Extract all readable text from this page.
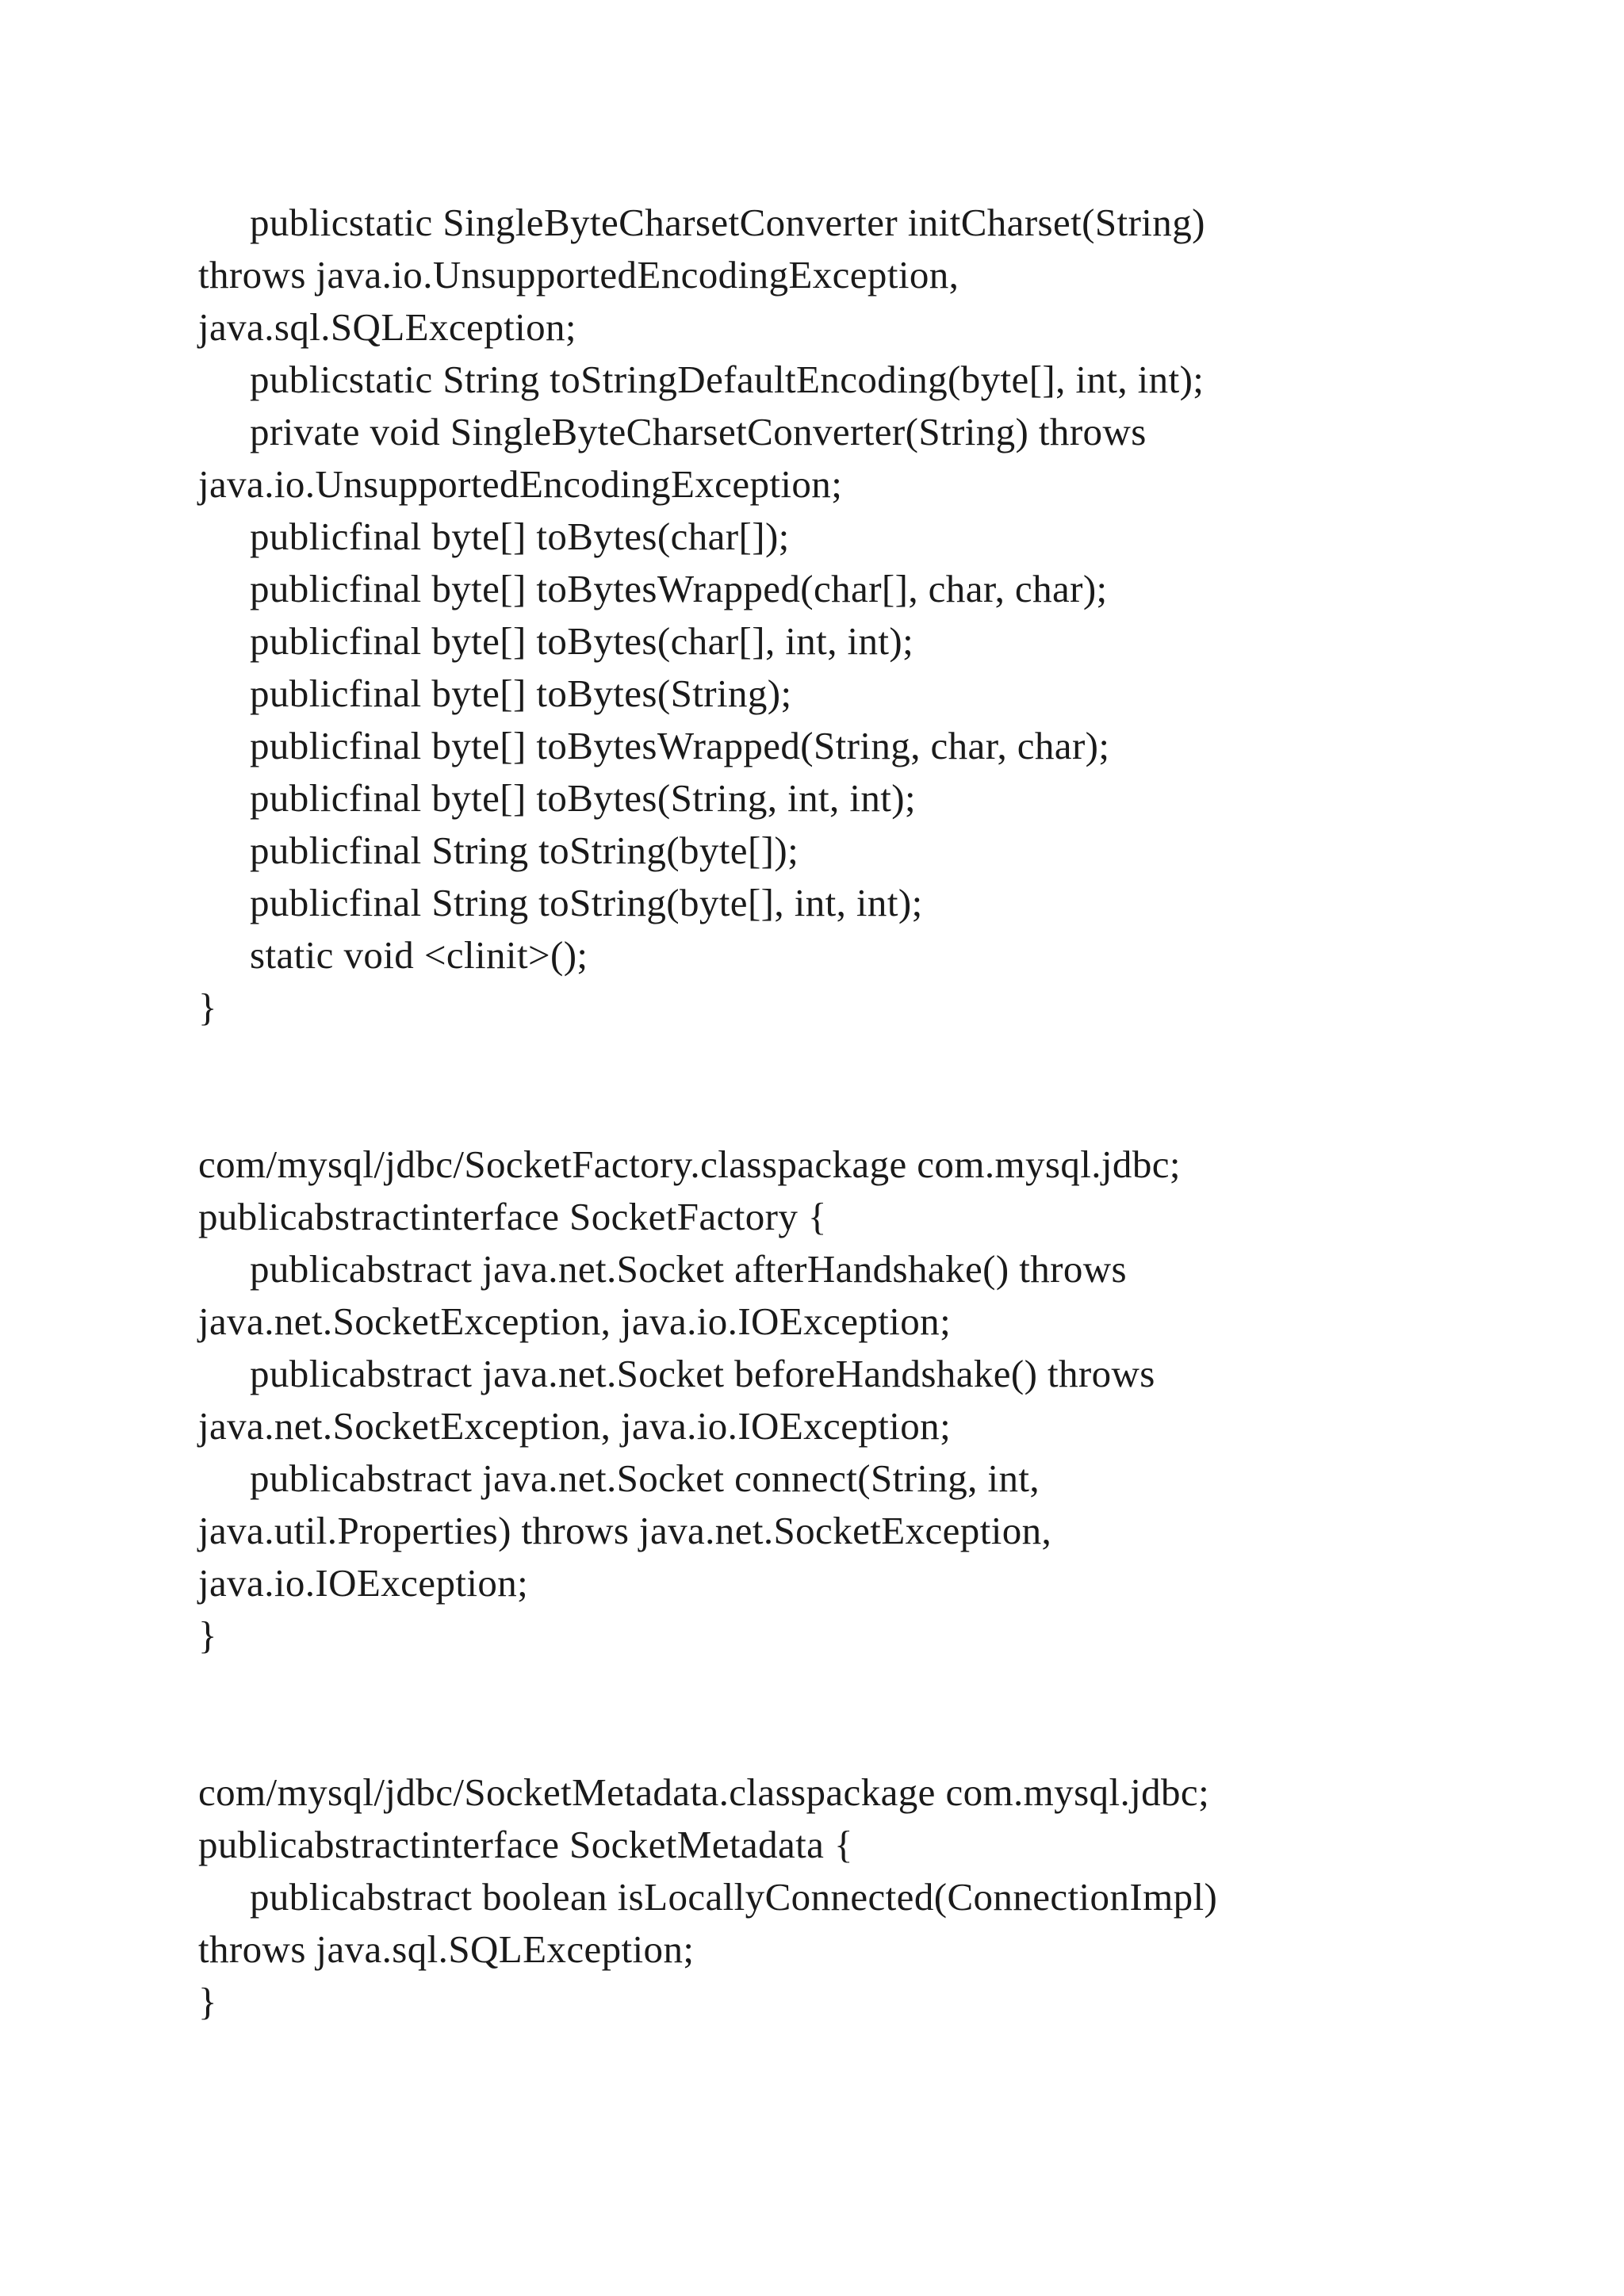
publicstatic SingleByteCharsetConverter initCharset(String)

throws java.io.UnsupportedEncodingException,

java.sql.SQLException;

publicstatic String toStringDefaultEncoding(byte[], int, int);

private void SingleByteCharsetConverter(String) throws

java.io.UnsupportedEncodingException;

publicfinal byte[] toBytes(char[]);

publicfinal byte[] toBytesWrapped(char[], char, char);

publicfinal byte[] toBytes(char[], int, int);

publicfinal byte[] toBytes(String);

publicfinal byte[] toBytesWrapped(String, char, char);

publicfinal byte[] toBytes(String, int, int);

publicfinal String toString(byte[]);

publicfinal String toString(byte[], int, int);

static void <clinit>();

}

com/mysql/jdbc/SocketFactory.classpackage com.mysql.jdbc;

publicabstractinterface SocketFactory {

publicabstract java.net.Socket afterHandshake() throws

java.net.SocketException, java.io.IOException;

publicabstract java.net.Socket beforeHandshake() throws

java.net.SocketException, java.io.IOException;

publicabstract java.net.Socket connect(String, int,

java.util.Properties) throws java.net.SocketException,

java.io.IOException;

}

com/mysql/jdbc/SocketMetadata.classpackage com.mysql.jdbc;

publicabstractinterface SocketMetadata {

publicabstract boolean isLocallyConnected(ConnectionImpl)

throws java.sql.SQLException;

}
